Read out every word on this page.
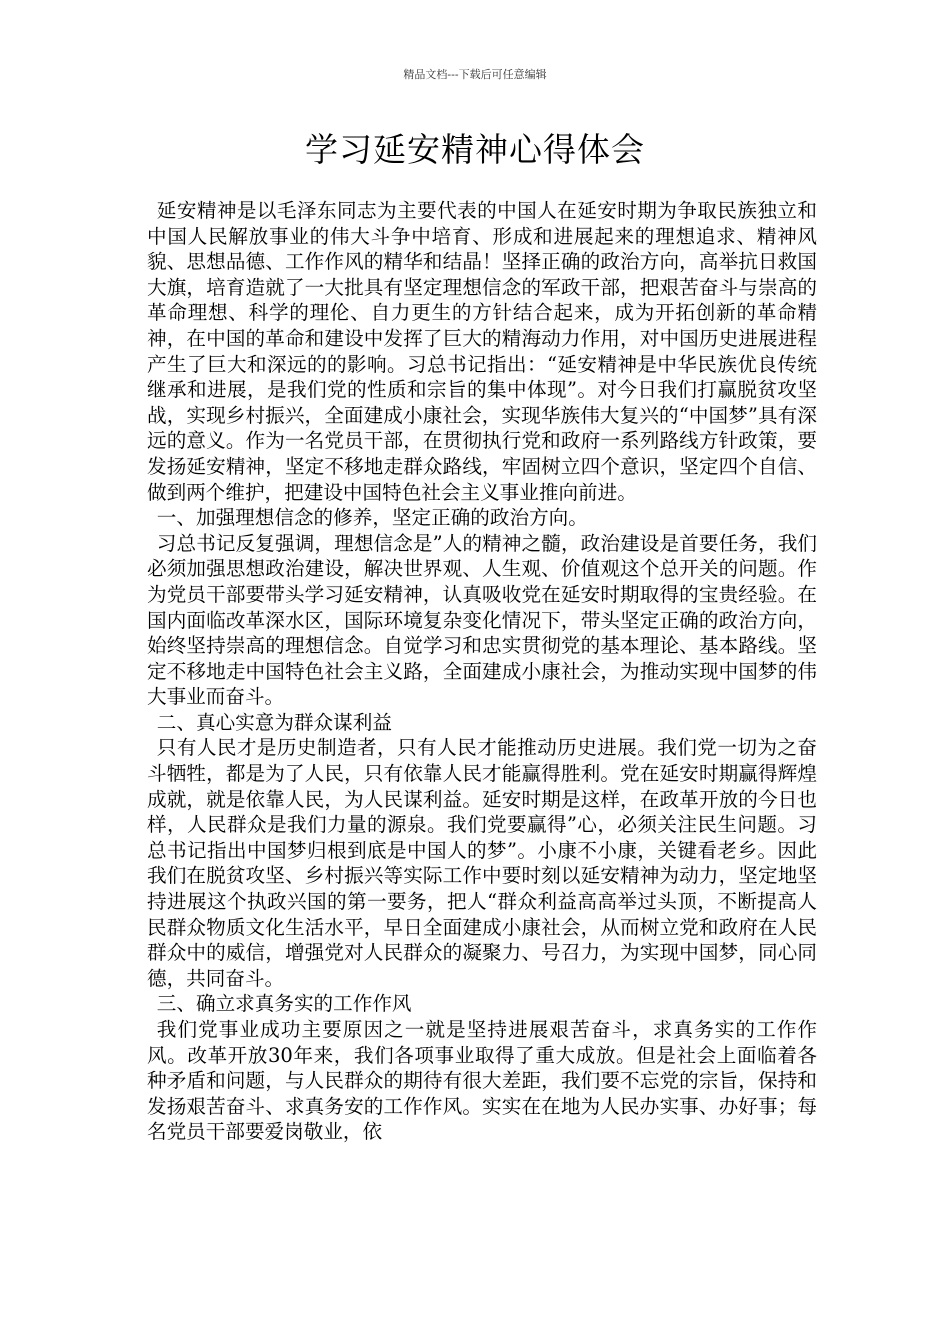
精品文档---下载后可任意编辑
学习延安精神心得体会

延安精神是以毛泽东同志为主要代表的中国人在延安时期为争取民族独立和中国人民解放事业的伟大斗争中培育、形成和进展起来的理想追求、精神风貌、思想品德、工作作风的精华和结晶！坚择正确的政治方向，高举抗日救国大旗，培育造就了一大批具有坚定理想信念的军政干部，把艰苦奋斗与崇高的革命理想、科学的理伦、自力更生的方针结合起来，成为开拓创新的革命精神，在中国的革命和建设中发挥了巨大的精海动力作用，对中国历史进展进程产生了巨大和深远的的影响。习总书记指出：“延安精神是中华民族优良传统继承和进展，是我们党的性质和宗旨的集中体现”。对今日我们打赢脱贫攻坚战，实现乡村振兴，全面建成小康社会，实现华族伟大复兴的“中国梦”具有深远的意义。作为一名党员干部，在贯彻执行党和政府一系列路线方针政策，要发扬延安精神，坚定不移地走群众路线，牢固树立四个意识，坚定四个自信、做到两个维护，把建设中国特色社会主义事业推向前进。

一、加强理想信念的修养，坚定正确的政治方向。

习总书记反复强调，理想信念是”人的精神之髓，政治建设是首要任务，我们必须加强思想政治建设，解决世界观、人生观、价值观这个总开关的问题。作为党员干部要带头学习延安精神，认真吸收党在延安时期取得的宝贵经验。在国内面临改革深水区，国际环境复杂变化情况下，带头坚定正确的政治方向，始终坚持崇高的理想信念。自觉学习和忠实贯彻党的基本理论、基本路线。坚定不移地走中国特色社会主义路，全面建成小康社会，为推动实现中国梦的伟大事业而奋斗。

二、真心实意为群众谋利益

只有人民才是历史制造者，只有人民才能推动历史进展。我们党一切为之奋斗牺牲，都是为了人民，只有依靠人民才能赢得胜利。党在延安时期赢得辉煌成就，就是依靠人民，为人民谋利益。延安时期是这样，在政革开放的今日也样，人民群众是我们力量的源泉。我们党要赢得”心，必须关注民生问题。习总书记指出中国梦归根到底是中国人的梦”。小康不小康，关键看老乡。因此我们在脱贫攻坚、乡村振兴等实际工作中要时刻以延安精神为动力，坚定地坚持进展这个执政兴国的第一要务，把人“群众利益高高举过头顶，不断提高人民群众物质文化生活水平，早日全面建成小康社会，从而树立党和政府在人民群众中的威信，增强党对人民群众的凝聚力、号召力，为实现中国梦，同心同德，共同奋斗。

三、确立求真务实的工作作风

我们党事业成功主要原因之一就是坚持进展艰苦奋斗，求真务实的工作作风。改革开放30年来，我们各项事业取得了重大成放。但是社会上面临着各种矛盾和问题，与人民群众的期待有很大差距，我们要不忘党的宗旨，保持和发扬艰苦奋斗、求真务安的工作作风。实实在在地为人民办实事、办好事；每名党员干部要爱岗敬业，依
